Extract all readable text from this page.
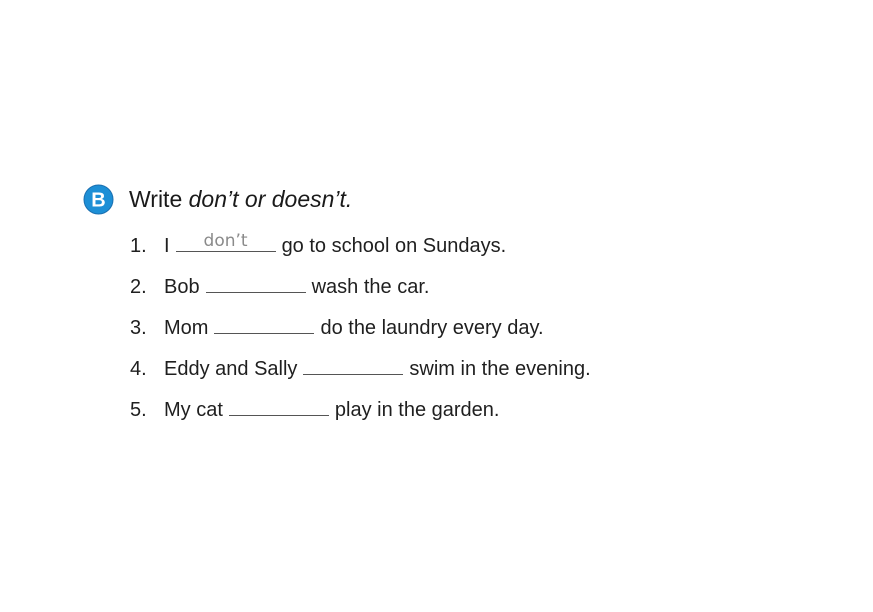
B Write don’t or doesn’t.
1. I	don’t	go to school on Sundays.
2. Bob	wash the car.
3. Mom	do the laundry every day.
4. Eddy and Sally	swim in the evening.
5. My cat	play in the garden.
